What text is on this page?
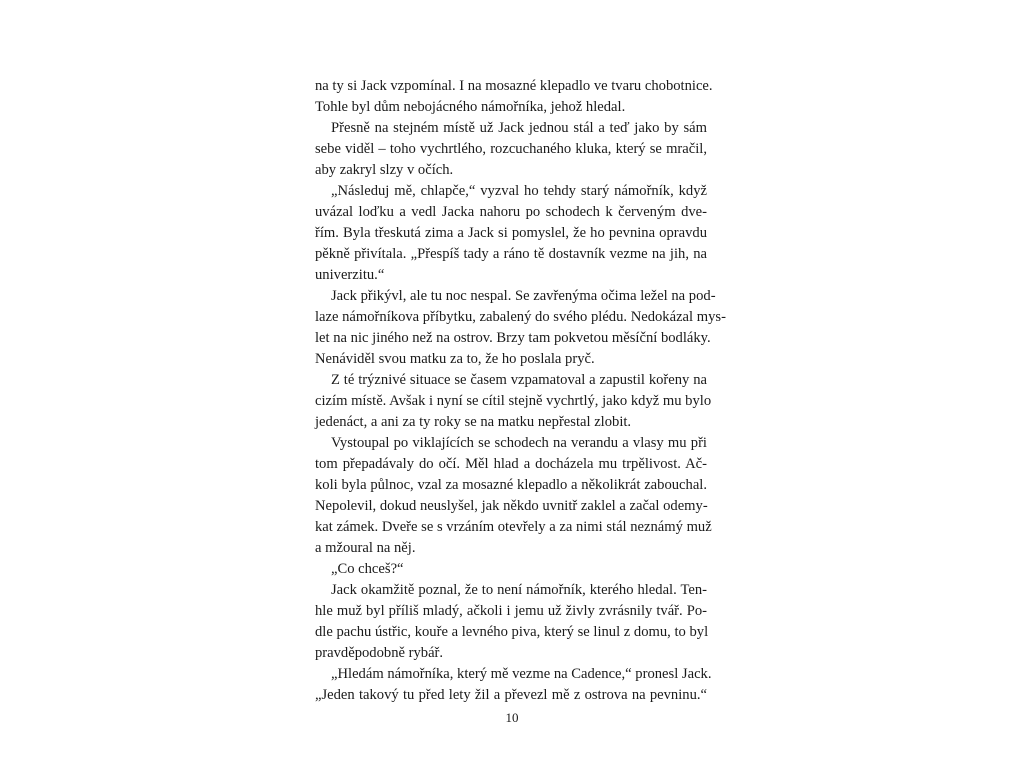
na ty si Jack vzpomínal. I na mosazné klepadlo ve tvaru chobotnice.
Tohle byl dům nebojácného námořníka, jehož hledal.
Přesně na stejném místě už Jack jednou stál a teď jako by sám
sebe viděl – toho vychrtlého, rozcuchaného kluka, který se mračil,
aby zakryl slzy v očích.
„Následuj mě, chlapče,“ vyzval ho tehdy starý námořník, když
uvázal loďku a vedl Jacka nahoru po schodech k červeným dve-
řím. Byla třeskutá zima a Jack si pomyslel, že ho pevnina opravdu
pěkně přivítala. „Přespíš tady a ráno tě dostavník vezme na jih, na
univerzitu.“
Jack přikývl, ale tu noc nespal. Se zavřenýma očima ležel na pod-
laze námořníkova příbytku, zabalený do svého plédu. Nedokázal mys-
let na nic jiného než na ostrov. Brzy tam pokvetou měsíční bodláky.
Nenáviděl svou matku za to, že ho poslala pryč.
Z té trýznivé situace se časem vzpamatoval a zapustil kořeny na
cizím místě. Avšak i nyní se cítil stejně vychrtlý, jako když mu bylo
jedenáct, a ani za ty roky se na matku nepřestal zlobit.
Vystoupal po viklajících se schodech na verandu a vlasy mu při
tom přepadávaly do očí. Měl hlad a docházela mu trpělivost. Ač-
koli byla půlnoc, vzal za mosazné klepadlo a několikrát zabouchal.
Nepolevil, dokud neuslyšel, jak někdo uvnitř zaklel a začal odemy-
kat zámek. Dveře se s vrzáním otevřely a za nimi stál neznámý muž
a mžoural na něj.
„Co chceš?“
Jack okamžitě poznal, že to není námořník, kterého hledal. Ten-
hle muž byl příliš mladý, ačkoli i jemu už živly zvrásnily tvář. Po-
dle pachu ústřic, kouře a levného piva, který se linul z domu, to byl
pravděpodobně rybář.
„Hledám námořníka, který mě vezme na Cadence,“ pronesl Jack.
„Jeden takový tu před lety žil a převezl mě z ostrova na pevninu.“
10
